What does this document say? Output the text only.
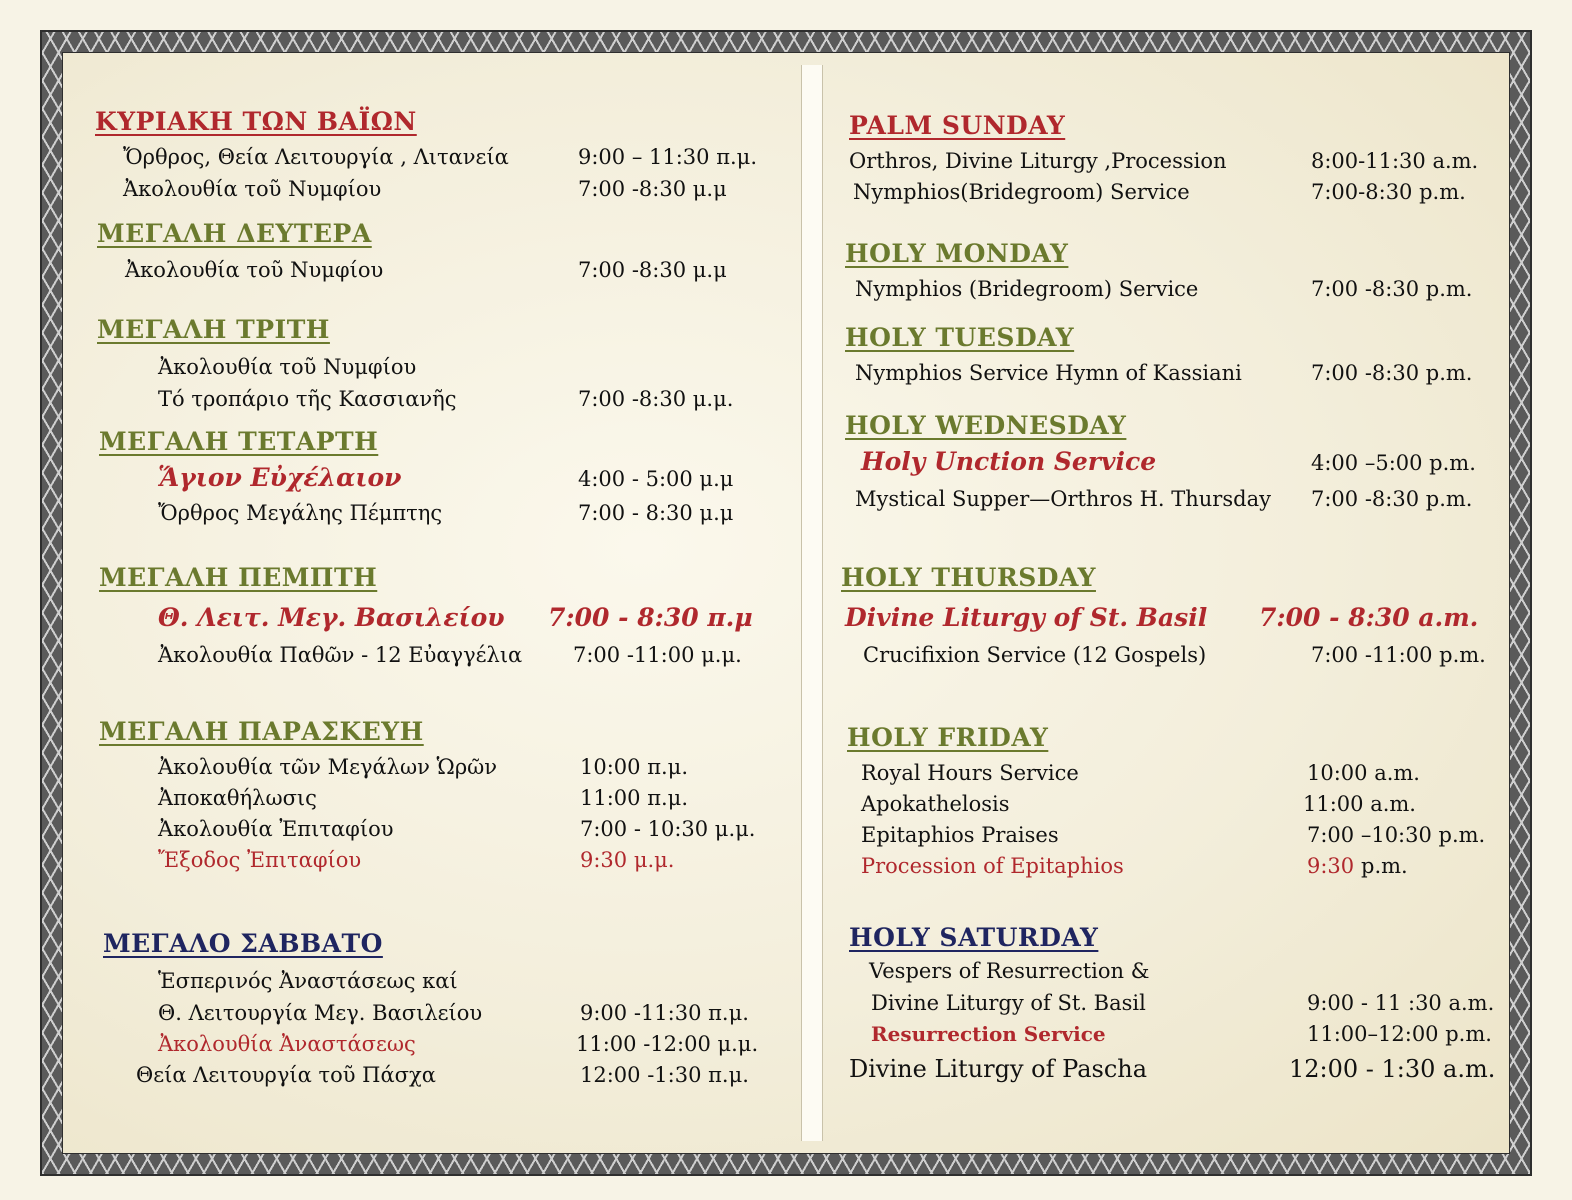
ΚΥΡΙΑΚΗ ΤΩΝ ΒΑΪΩΝ
Ὄρθρος, Θεία Λειτουργία , Λιτανεία	9:00 – 11:30 π.μ.
Ἀκολουθία τοῦ Νυμφίου	7:00 -8:30 μ.μ
ΜΕΓΑΛΗ ΔΕΥΤΕΡΑ
Ἀκολουθία τοῦ Νυμφίου	7:00 -8:30 μ.μ
ΜΕΓΑΛΗ ΤΡΙΤΗ
Ἀκολουθία τοῦ Νυμφίου
Τό τροπάριο τῆς Κασσιανῆς	7:00 -8:30 μ.μ.
ΜΕΓΑΛΗ ΤΕΤΑΡΤΗ
Ἅγιον Εὐχέλαιον	4:00 - 5:00 μ.μ
Ὄρθρος Μεγάλης Πέμπτης	7:00 - 8:30 μ.μ
ΜΕΓΑΛΗ ΠΕΜΠΤΗ
Θ. Λειτ. Μεγ. Βασιλείου 7:00 - 8:30 π.μ
Ἀκολουθία Παθῶν - 12 Εὐαγγέλια 7:00 -11:00 μ.μ.
ΜΕΓΑΛΗ ΠΑΡΑΣΚΕΥΗ
Ἀκολουθία τῶν Μεγάλων Ὡρῶν	10:00 π.μ.
Ἀποκαθήλωσις	11:00 π.μ.
Ἀκολουθία Ἐπιταφίου	7:00 - 10:30 μ.μ.
Ἔξοδος Ἐπιταφίου	9:30 μ.μ.
ΜΕΓΑΛΟ ΣΑΒΒΑΤΟ
Ἑσπερινός Ἀναστάσεως καί
Θ. Λειτουργία Μεγ. Βασιλείου	9:00 -11:30 π.μ.
Ἀκολουθία Ἀναστάσεως	11:00 -12:00 μ.μ.
Θεία Λειτουργία τοῦ Πάσχα	12:00 -1:30 π.μ.
PALM SUNDAY
Orthros, Divine Liturgy ,Procession	8:00-11:30 a.m.
Nymphios(Bridegroom) Service	7:00-8:30 p.m.
HOLY MONDAY
Nymphios (Bridegroom) Service	7:00 -8:30 p.m.
HOLY TUESDAY
Nymphios Service Hymn of Kassiani	7:00 -8:30 p.m.
HOLY WEDNESDAY
Holy Unction Service	4:00 –5:00 p.m.
Mystical Supper—Orthros H. Thursday 7:00 -8:30 p.m.
HOLY THURSDAY
Divine Liturgy of St. Basil 7:00 - 8:30 a.m.
Crucifixion Service (12 Gospels)	7:00 -11:00 p.m.
HOLY FRIDAY
Royal Hours Service	10:00 a.m.
Apokathelosis	11:00 a.m.
Epitaphios Praises	7:00 –10:30 p.m.
Procession of Epitaphios	9:30 p.m.
HOLY SATURDAY
Vespers of Resurrection &
Divine Liturgy of St. Basil	9:00 - 11 :30 a.m.
Resurrection Service	11:00–12:00 p.m.
Divine Liturgy of Pascha	12:00 - 1:30 a.m.
